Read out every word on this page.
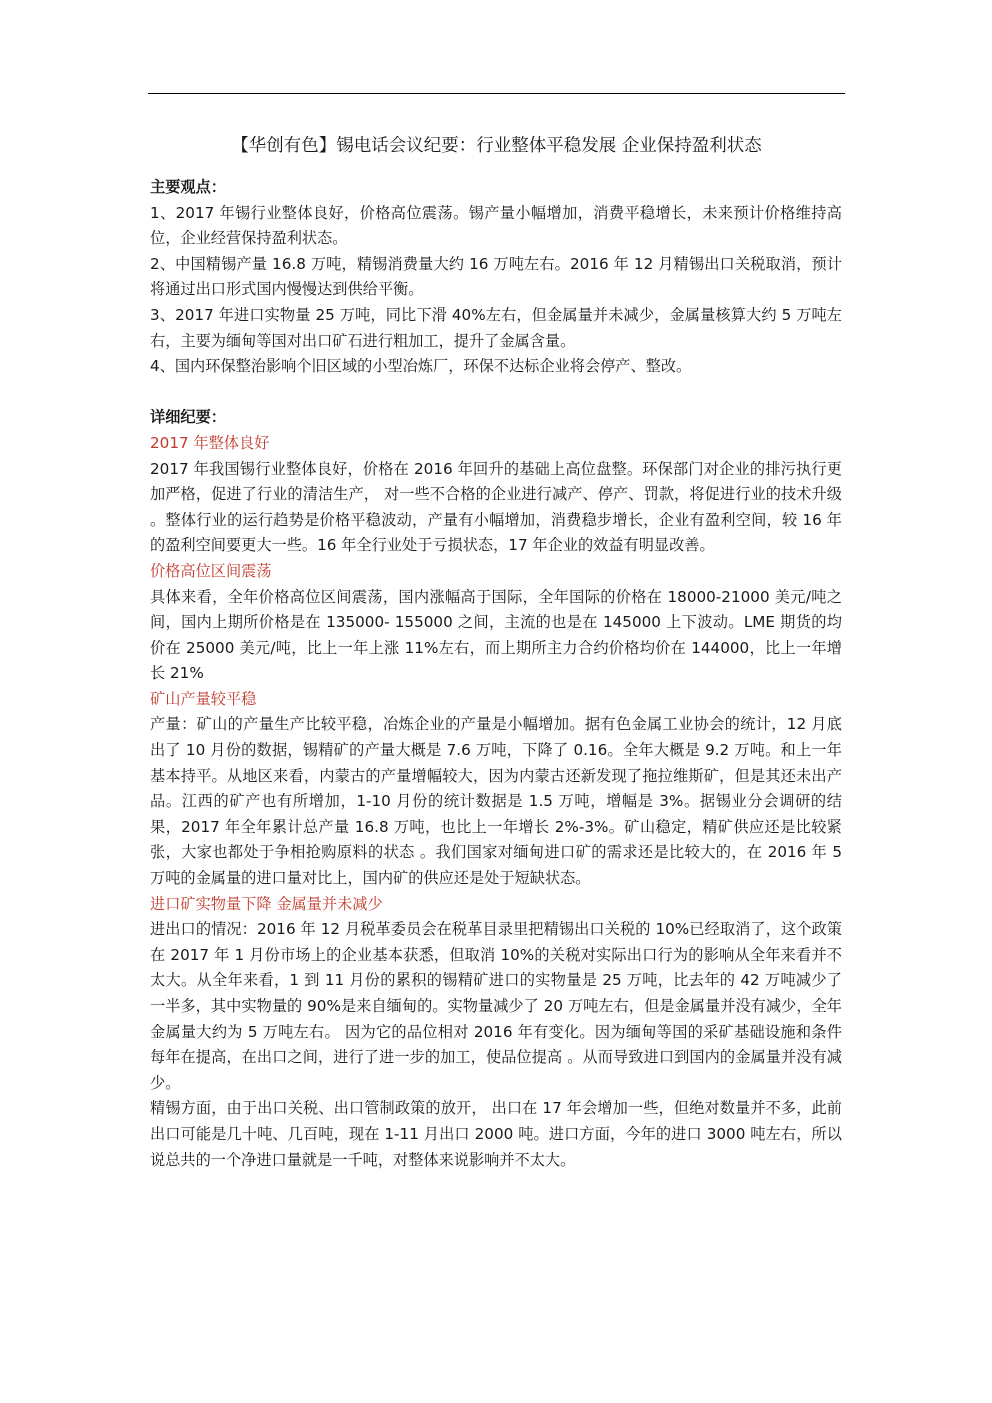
【华创有色】锡电话会议纪要：行业整体平稳发展 企业保持盈利状态

主要观点：

1、2017 年锡行业整体良好，价格高位震荡。锡产量小幅增加，消费平稳增长，未来预计价格维持高位，企业经营保持盈利状态。

2、中国精锡产量 16.8 万吨，精锡消费量大约 16 万吨左右。2016 年 12 月精锡出口关税取消，预计将通过出口形式国内慢慢达到供给平衡。

3、2017 年进口实物量 25 万吨，同比下滑 40%左右，但金属量并未减少，金属量核算大约 5 万吨左右，主要为缅甸等国对出口矿石进行粗加工，提升了金属含量。

4、国内环保整治影响个旧区域的小型冶炼厂，环保不达标企业将会停产、整改。

详细纪要：

2017 年整体良好

2017 年我国锡行业整体良好，价格在 2016 年回升的基础上高位盘整。环保部门对企业的排污执行更加严格，促进了行业的清洁生产， 对一些不合格的企业进行减产、停产、罚款，将促进行业的技术升级 。整体行业的运行趋势是价格平稳波动，产量有小幅增加，消费稳步增长，企业有盈利空间，较 16 年的盈利空间要更大一些。16 年全行业处于亏损状态，17 年企业的效益有明显改善。

价格高位区间震荡

具体来看，全年价格高位区间震荡，国内涨幅高于国际，全年国际的价格在 18000-21000 美元/吨之间，国内上期所价格是在 135000- 155000 之间，主流的也是在 145000 上下波动。LME 期货的均价在 25000 美元/吨，比上一年上涨 11%左右，而上期所主力合约价格均价在 144000，比上一年增长 21%

矿山产量较平稳

产量：矿山的产量生产比较平稳，冶炼企业的产量是小幅增加。据有色金属工业协会的统计，12 月底出了 10 月份的数据，锡精矿的产量大概是 7.6 万吨，下降了 0.16。全年大概是 9.2 万吨。和上一年基本持平。从地区来看，内蒙古的产量增幅较大，因为内蒙古还新发现了拖拉维斯矿，但是其还未出产品。江西的矿产也有所增加，1-10 月份的统计数据是 1.5 万吨，增幅是 3%。据锡业分会调研的结果，2017 年全年累计总产量 16.8 万吨，也比上一年增长 2%-3%。矿山稳定，精矿供应还是比较紧张，大家也都处于争相抢购原料的状态 。我们国家对缅甸进口矿的需求还是比较大的，在 2016 年 5 万吨的金属量的进口量对比上，国内矿的供应还是处于短缺状态。

进口矿实物量下降 金属量并未减少

进出口的情况：2016 年 12 月税革委员会在税革目录里把精锡出口关税的 10%已经取消了，这个政策在 2017 年 1 月份市场上的企业基本获悉，但取消 10%的关税对实际出口行为的影响从全年来看并不太大。从全年来看，1 到 11 月份的累积的锡精矿进口的实物量是 25 万吨，比去年的 42 万吨减少了一半多，其中实物量的 90%是来自缅甸的。实物量减少了 20 万吨左右，但是金属量并没有减少，全年金属量大约为 5 万吨左右。 因为它的品位相对 2016 年有变化。因为缅甸等国的采矿基础设施和条件每年在提高，在出口之间，进行了进一步的加工，使品位提高 。从而导致进口到国内的金属量并没有减少。

精锡方面，由于出口关税、出口管制政策的放开， 出口在 17 年会增加一些，但绝对数量并不多，此前出口可能是几十吨、几百吨，现在 1-11 月出口 2000 吨。进口方面，今年的进口 3000 吨左右，所以说总共的一个净进口量就是一千吨，对整体来说影响并不太大。
